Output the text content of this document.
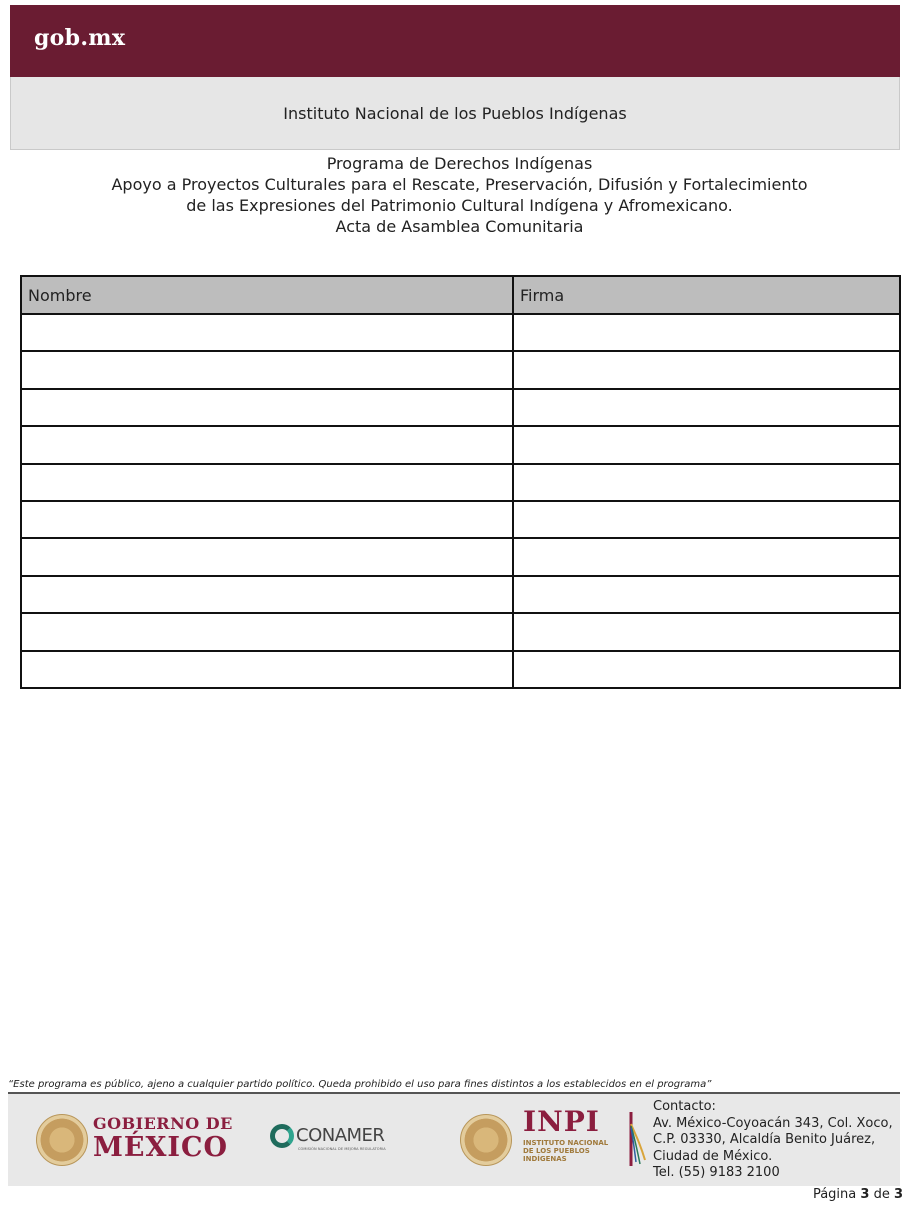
gob.mx
Instituto Nacional de los Pueblos Indígenas
Programa de Derechos Indígenas
Apoyo a Proyectos Culturales para el Rescate, Preservación, Difusión y Fortalecimiento
de las Expresiones del Patrimonio Cultural Indígena y Afromexicano.
Acta de Asamblea Comunitaria
Nombre	Firma

“Este programa es público, ajeno a cualquier partido político. Queda prohibido el uso para fines distintos a los establecidos en el programa”
GOBIERNO DE
MÉXICO	CONAMER
COMISIÓN NACIONAL DE MEJORA REGULATORIA
INPI
INSTITUTO NACIONAL
DE LOS PUEBLOS
INDÍGENAS
Contacto:
Av. México-Coyoacán 343, Col. Xoco,
C.P. 03330, Alcaldía Benito Juárez,
Ciudad de México.
Tel. (55) 9183 2100
Página 3 de 3
